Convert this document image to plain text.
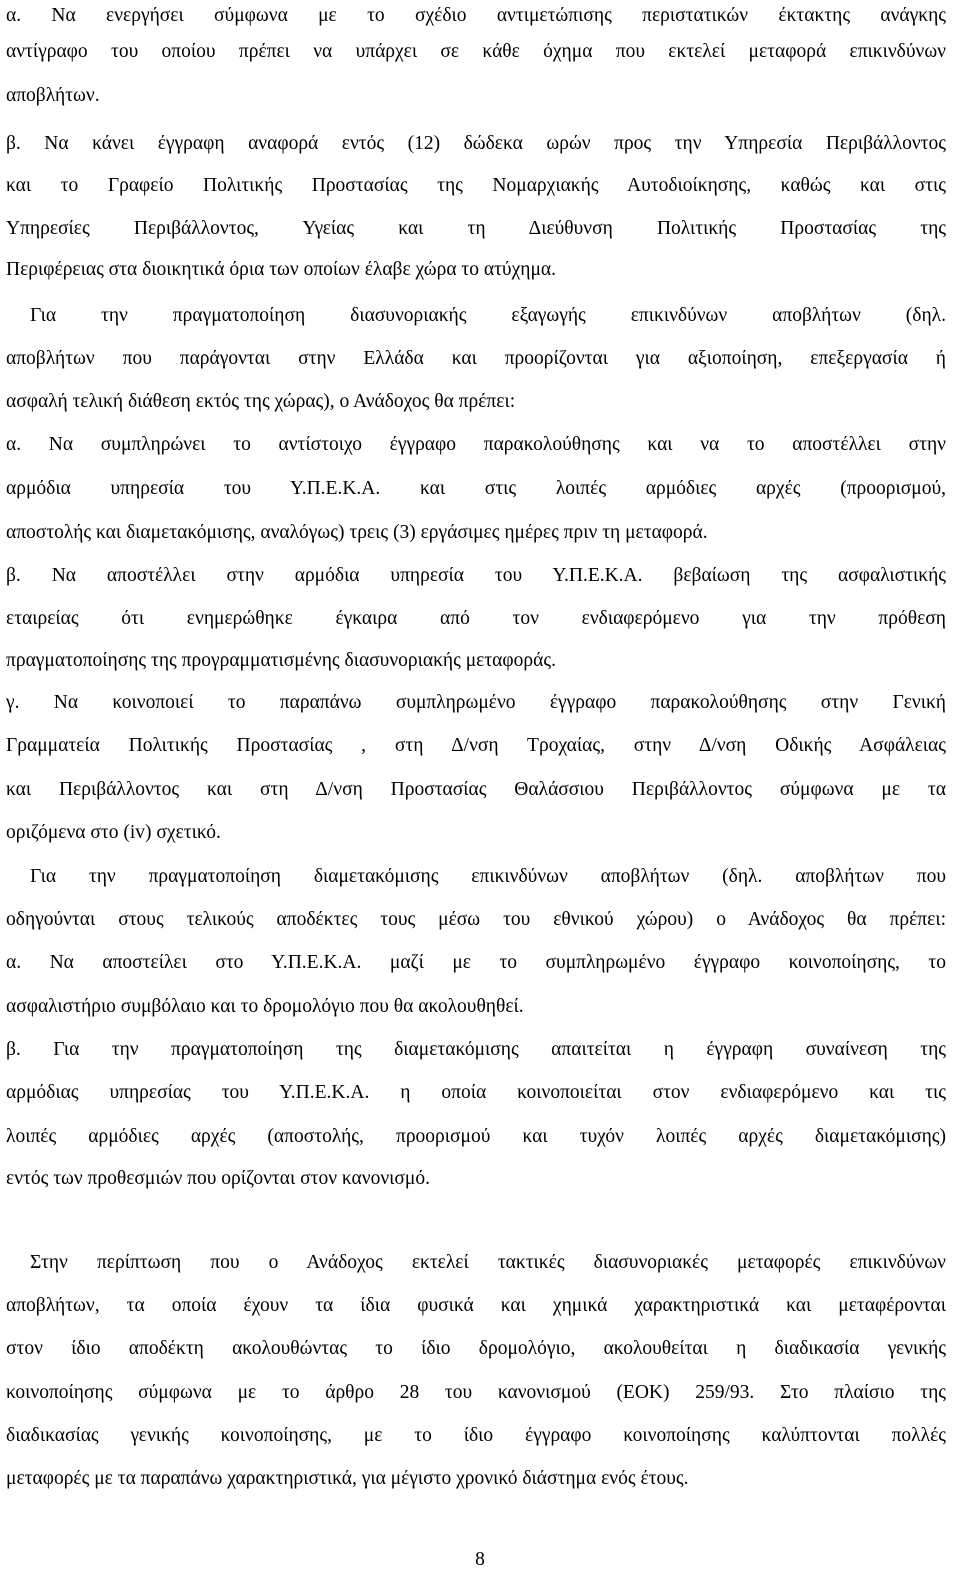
α. Να ενεργήσει σύμφωνα με το σχέδιο αντιμετώπισης περιστατικών έκτακτης ανάγκης
αντίγραφο του οποίου πρέπει να υπάρχει σε κάθε όχημα που εκτελεί μεταφορά επικινδύνων
αποβλήτων.
β. Να κάνει έγγραφη αναφορά εντός (12) δώδεκα ωρών προς την Υπηρεσία Περιβάλλοντος
και το Γραφείο Πολιτικής Προστασίας της Νομαρχιακής Αυτοδιοίκησης, καθώς και στις
Υπηρεσίες Περιβάλλοντος, Υγείας και τη Διεύθυνση Πολιτικής Προστασίας της
Περιφέρειας στα διοικητικά όρια των οποίων έλαβε χώρα το ατύχημα.
Για την πραγματοποίηση διασυνοριακής εξαγωγής επικινδύνων αποβλήτων (δηλ.
αποβλήτων που παράγονται στην Ελλάδα και προορίζονται για αξιοποίηση, επεξεργασία ή
ασφαλή τελική διάθεση εκτός της χώρας), ο Ανάδοχος θα πρέπει:
α. Να συμπληρώνει το αντίστοιχο έγγραφο παρακολούθησης και να το αποστέλλει στην
αρμόδια υπηρεσία του Υ.Π.Ε.Κ.Α. και στις λοιπές αρμόδιες αρχές (προορισμού,
αποστολής και διαμετακόμισης, αναλόγως) τρεις (3) εργάσιμες ημέρες πριν τη μεταφορά.
β. Να αποστέλλει στην αρμόδια υπηρεσία του Υ.Π.Ε.Κ.Α. βεβαίωση της ασφαλιστικής
εταιρείας ότι ενημερώθηκε έγκαιρα από τον ενδιαφερόμενο για την πρόθεση
πραγματοποίησης της προγραμματισμένης διασυνοριακής μεταφοράς.
γ. Να κοινοποιεί το παραπάνω συμπληρωμένο έγγραφο παρακολούθησης στην Γενική
Γραμματεία Πολιτικής Προστασίας , στη Δ/νση Τροχαίας, στην Δ/νση Οδικής Ασφάλειας
και Περιβάλλοντος και στη Δ/νση Προστασίας Θαλάσσιου Περιβάλλοντος σύμφωνα με τα
οριζόμενα στο (iv) σχετικό.
Για την πραγματοποίηση διαμετακόμισης επικινδύνων αποβλήτων (δηλ. αποβλήτων που
οδηγούνται στους τελικούς αποδέκτες τους μέσω του εθνικού χώρου) ο Ανάδοχος θα πρέπει:
α. Να αποστείλει στο Υ.Π.Ε.Κ.Α. μαζί με το συμπληρωμένο έγγραφο κοινοποίησης, το
ασφαλιστήριο συμβόλαιο και το δρομολόγιο που θα ακολουθηθεί.
β. Για την πραγματοποίηση της διαμετακόμισης απαιτείται η έγγραφη συναίνεση της
αρμόδιας υπηρεσίας του Υ.Π.Ε.Κ.Α. η οποία κοινοποιείται στον ενδιαφερόμενο και τις
λοιπές αρμόδιες αρχές (αποστολής, προορισμού και τυχόν λοιπές αρχές διαμετακόμισης)
εντός των προθεσμιών που ορίζονται στον κανονισμό.
Στην περίπτωση που ο Ανάδοχος εκτελεί τακτικές διασυνοριακές μεταφορές επικινδύνων
αποβλήτων, τα οποία έχουν τα ίδια φυσικά και χημικά χαρακτηριστικά και μεταφέρονται
στον ίδιο αποδέκτη ακολουθώντας το ίδιο δρομολόγιο, ακολουθείται η διαδικασία γενικής
κοινοποίησης σύμφωνα με το άρθρο 28 του κανονισμού (ΕΟΚ) 259/93. Στο πλαίσιο της
διαδικασίας γενικής κοινοποίησης, με το ίδιο έγγραφο κοινοποίησης καλύπτονται πολλές
μεταφορές με τα παραπάνω χαρακτηριστικά, για μέγιστο χρονικό διάστημα ενός έτους.
8
